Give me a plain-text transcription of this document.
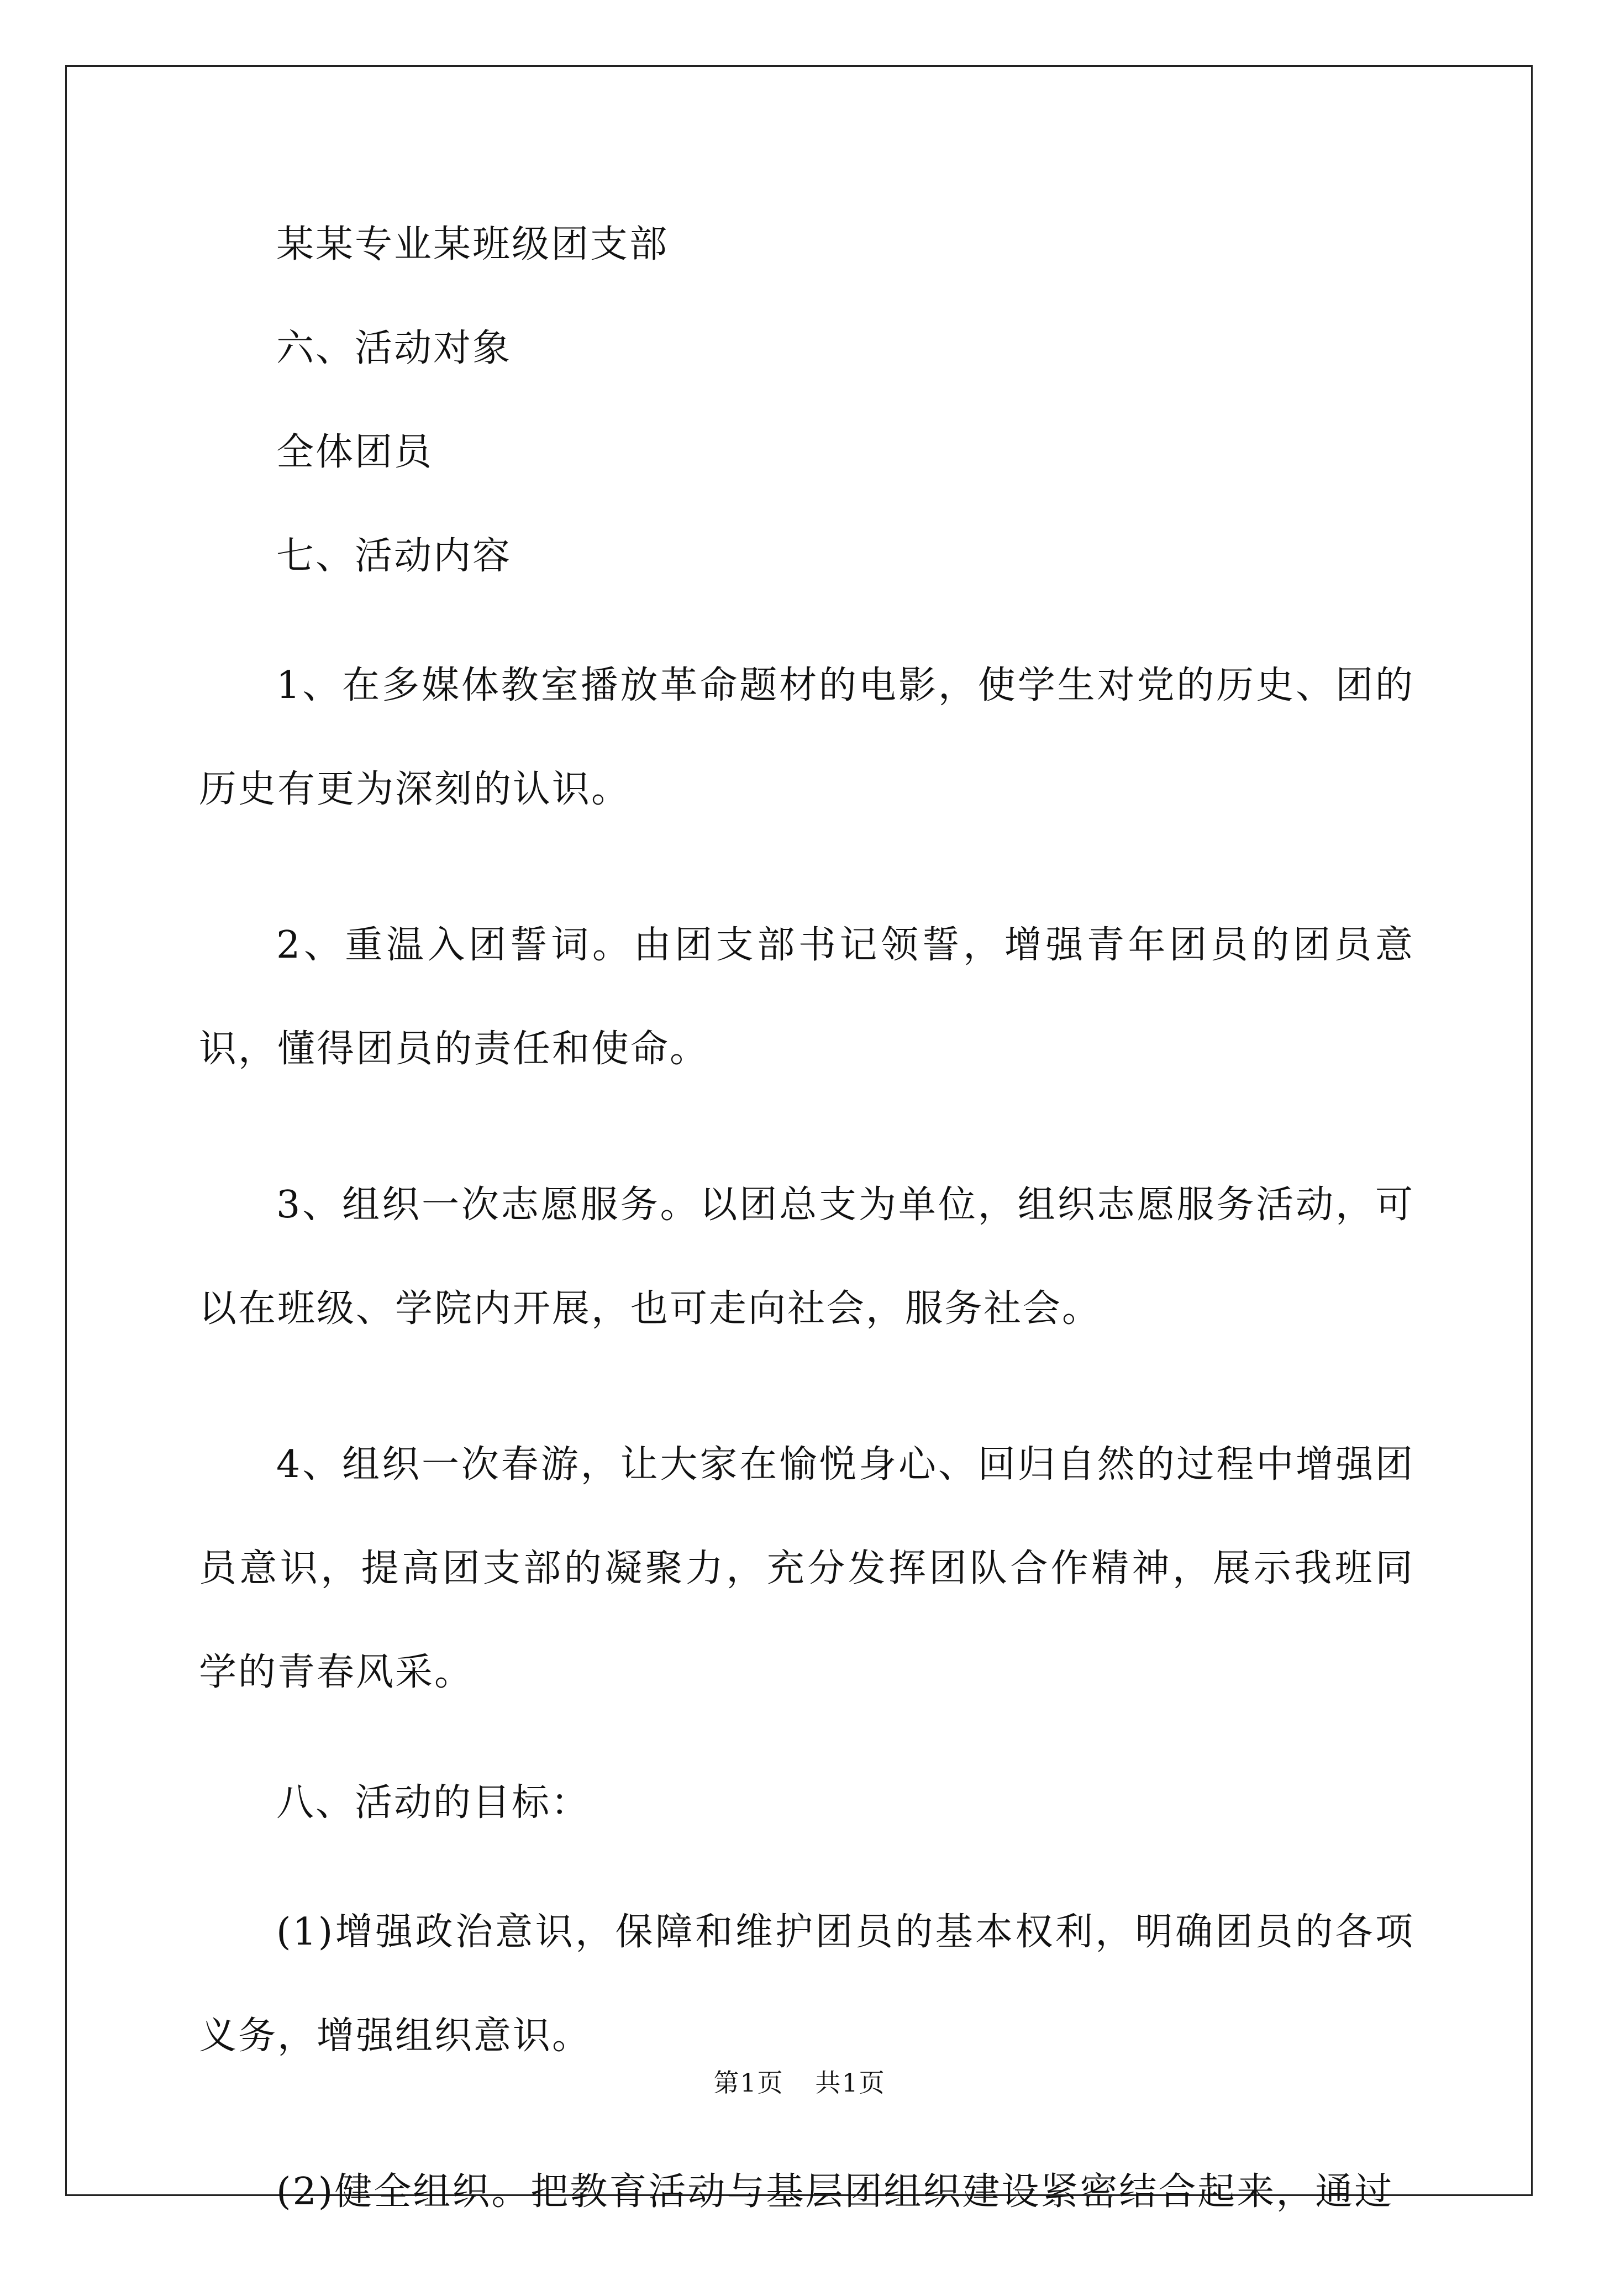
某某专业某班级团支部

六、活动对象

全体团员

七、活动内容

1、在多媒体教室播放革命题材的电影，使学生对党的历史、团的历史有更为深刻的认识。

2、重温入团誓词。由团支部书记领誓，增强青年团员的团员意识，懂得团员的责任和使命。

3、组织一次志愿服务。以团总支为单位，组织志愿服务活动，可以在班级、学院内开展，也可走向社会，服务社会。

4、组织一次春游，让大家在愉悦身心、回归自然的过程中增强团员意识，提高团支部的凝聚力，充分发挥团队合作精神，展示我班同学的青春风采。

八、活动的目标：

(1)增强政治意识，保障和维护团员的基本权利，明确团员的各项义务，增强组织意识。

(2)健全组织。把教育活动与基层团组织建设紧密结合起来，通过

第1页 共1页
